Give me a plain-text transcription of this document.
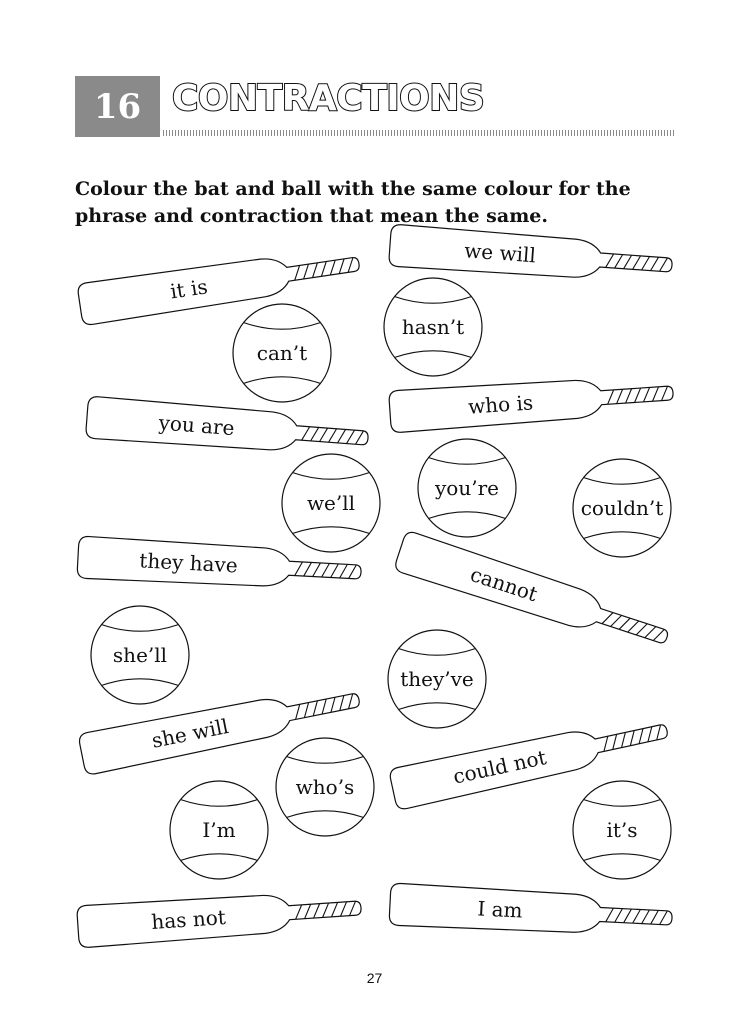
16 CONTRACTIONS
Colour the bat and ball with the same colour for the phrase and contraction that mean the same.
it is
we will
you are
who is
they have	cannot
she will
could not
has not	I am
can’t
hasn’t
we’ll
you’re
couldn’t
she’ll
they’ve
who’s
I’m	it’s
27
